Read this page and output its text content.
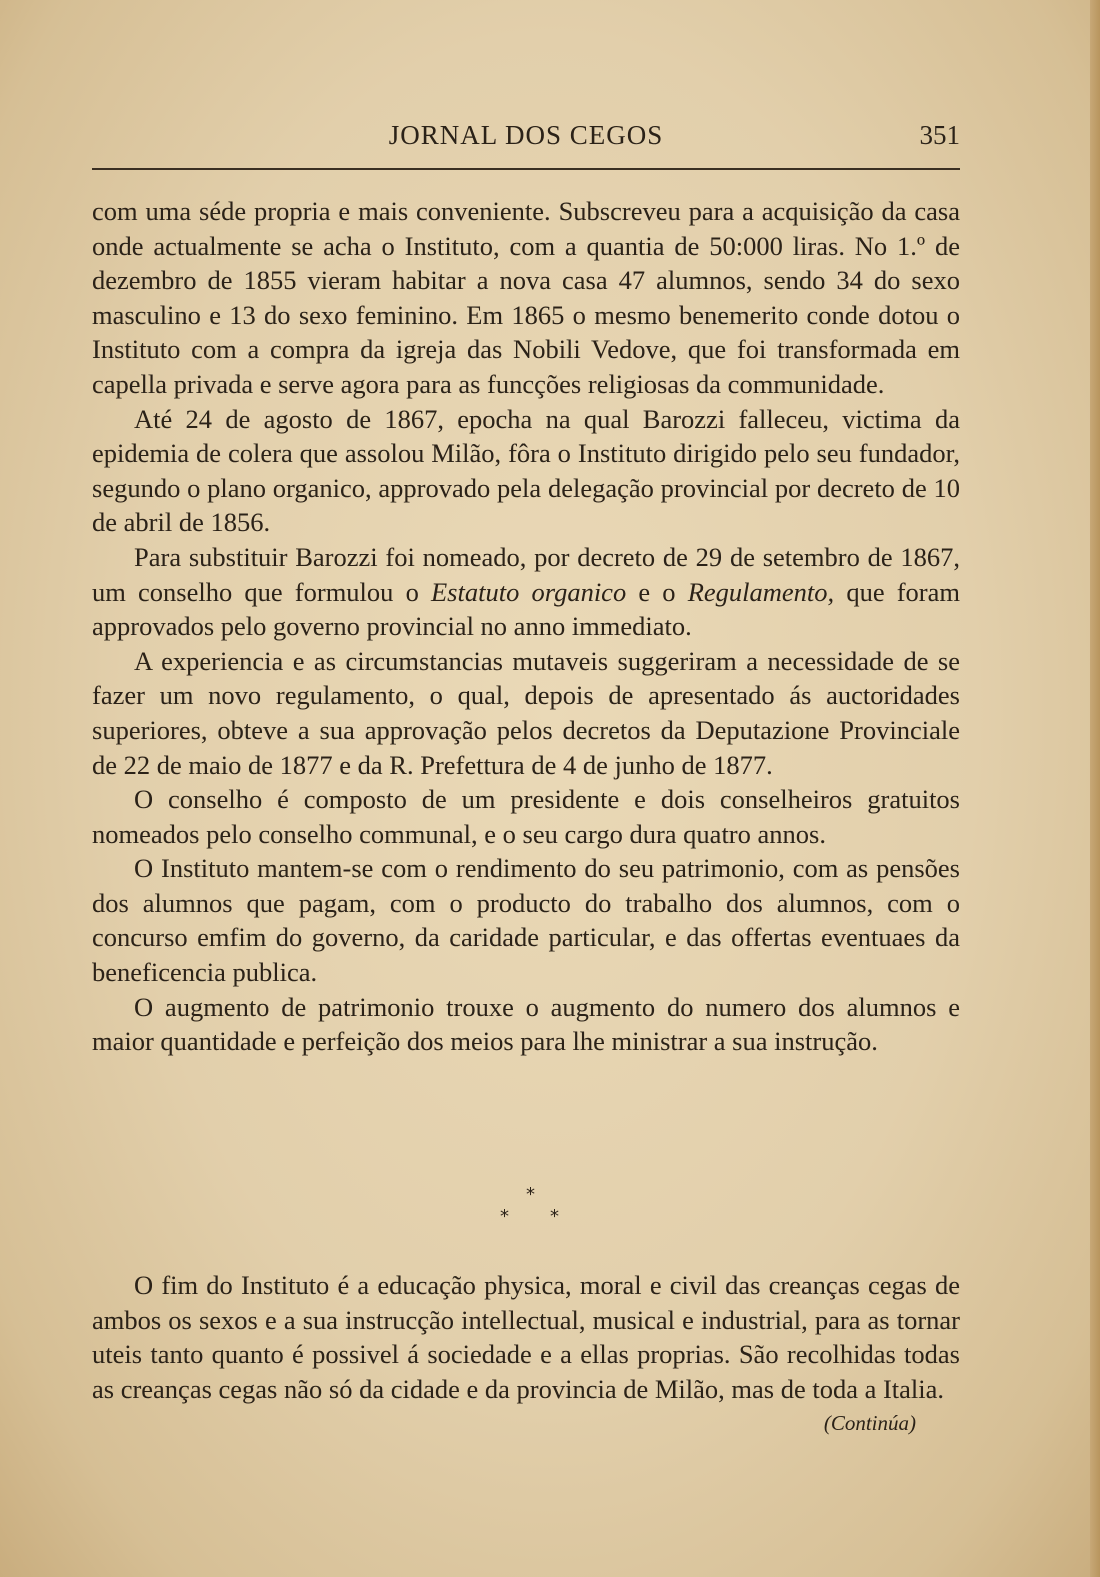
JORNAL DOS CEGOS	351

com uma séde propria e mais conveniente. Subscreveu para a acquisição da casa onde actualmente se acha o Instituto, com a quantia de 50:000 liras. No 1.º de dezembro de 1855 vieram habitar a nova casa 47 alumnos, sendo 34 do sexo masculino e 13 do sexo feminino. Em 1865 o mesmo benemerito conde dotou o Instituto com a compra da igreja das Nobili Vedove, que foi transformada em capella privada e serve agora para as funcções religiosas da communidade.

Até 24 de agosto de 1867, epocha na qual Barozzi falleceu, victima da epidemia de colera que assolou Milão, fôra o Instituto dirigido pelo seu fundador, segundo o plano organico, approvado pela delegação provincial por decreto de 10 de abril de 1856.

Para substituir Barozzi foi nomeado, por decreto de 29 de setembro de 1867, um conselho que formulou o Estatuto organico e o Regulamento, que foram approvados pelo governo provincial no anno immediato.

A experiencia e as circumstancias mutaveis suggeriram a necessidade de se fazer um novo regulamento, o qual, depois de apresentado ás auctoridades superiores, obteve a sua approvação pelos decretos da Deputazione Provinciale de 22 de maio de 1877 e da R. Prefettura de 4 de junho de 1877.

O conselho é composto de um presidente e dois conselheiros gratuitos nomeados pelo conselho communal, e o seu cargo dura quatro annos.

O Instituto mantem-se com o rendimento do seu patrimonio, com as pensões dos alumnos que pagam, com o producto do trabalho dos alumnos, com o concurso emfim do governo, da caridade particular, e das offertas eventuaes da beneficencia publica.

O augmento de patrimonio trouxe o augmento do numero dos alumnos e maior quantidade e perfeição dos meios para lhe ministrar a sua instrução.

*
* *

O fim do Instituto é a educação physica, moral e civil das creanças cegas de ambos os sexos e a sua instrucção intellectual, musical e industrial, para as tornar uteis tanto quanto é possivel á sociedade e a ellas proprias. São recolhidas todas as creanças cegas não só da cidade e da provincia de Milão, mas de toda a Italia.
(Continúa)
